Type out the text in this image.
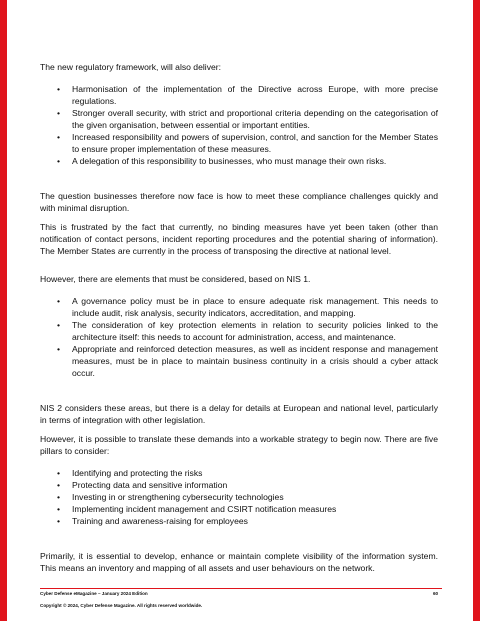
The new regulatory framework, will also deliver:

• Harmonisation of the implementation of the Directive across Europe, with more precise regulations.
• Stronger overall security, with strict and proportional criteria depending on the categorisation of the given organisation, between essential or important entities.
• Increased responsibility and powers of supervision, control, and sanction for the Member States to ensure proper implementation of these measures.
• A delegation of this responsibility to businesses, who must manage their own risks.

The question businesses therefore now face is how to meet these compliance challenges quickly and with minimal disruption.

This is frustrated by the fact that currently, no binding measures have yet been taken (other than notification of contact persons, incident reporting procedures and the potential sharing of information). The Member States are currently in the process of transposing the directive at national level.

However, there are elements that must be considered, based on NIS 1.

• A governance policy must be in place to ensure adequate risk management. This needs to include audit, risk analysis, security indicators, accreditation, and mapping.
• The consideration of key protection elements in relation to security policies linked to the architecture itself: this needs to account for administration, access, and maintenance.
• Appropriate and reinforced detection measures, as well as incident response and management measures, must be in place to maintain business continuity in a crisis should a cyber attack occur.

NIS 2 considers these areas, but there is a delay for details at European and national level, particularly in terms of integration with other legislation.

However, it is possible to translate these demands into a workable strategy to begin now. There are five pillars to consider:

• Identifying and protecting the risks
• Protecting data and sensitive information
• Investing in or strengthening cybersecurity technologies
• Implementing incident management and CSIRT notification measures
• Training and awareness-raising for employees

Primarily, it is essential to develop, enhance or maintain complete visibility of the information system. This means an inventory and mapping of all assets and user behaviours on the network.

Cyber Defense eMagazine – January 2024 Edition	60
Copyright © 2024, Cyber Defense Magazine. All rights reserved worldwide.
